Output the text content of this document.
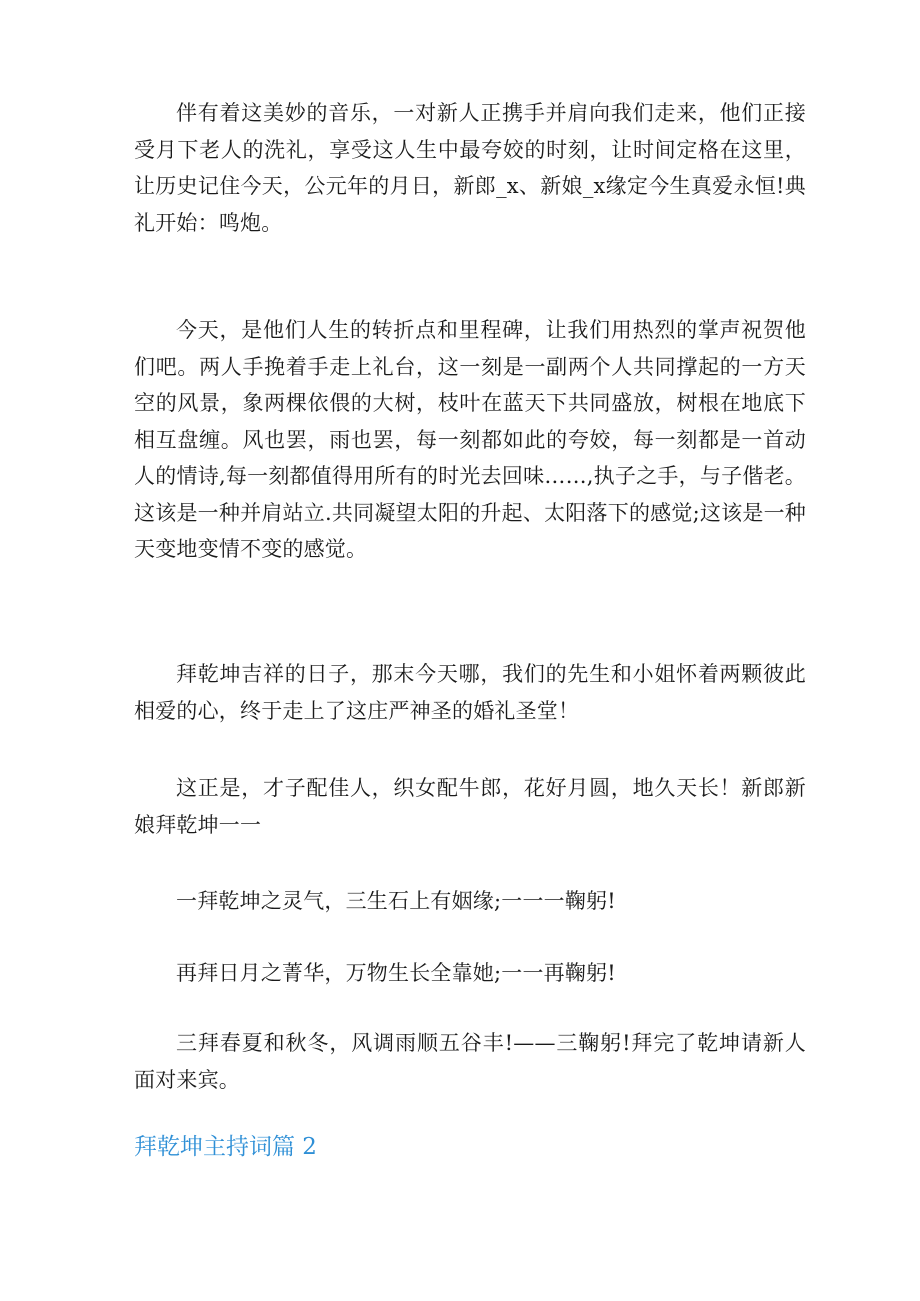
伴有着这美妙的音乐，一对新人正携手并肩向我们走来，他们正接受月下老人的洗礼，享受这人生中最夸姣的时刻，让时间定格在这里，让历史记住今天，公元年的月日，新郎_x、新娘_x缘定今生真爱永恒!典礼开始：鸣炮。

今天，是他们人生的转折点和里程碑，让我们用热烈的掌声祝贺他们吧。两人手挽着手走上礼台，这一刻是一副两个人共同撑起的一方天空的风景，象两棵依偎的大树，枝叶在蓝天下共同盛放，树根在地底下相互盘缠。风也罢，雨也罢，每一刻都如此的夸姣，每一刻都是一首动人的情诗,每一刻都值得用所有的时光去回味……,执子之手，与子偕老。这该是一种并肩站立.共同凝望太阳的升起、太阳落下的感觉;这该是一种天变地变情不变的感觉。

拜乾坤吉祥的日子，那末今天哪，我们的先生和小姐怀着两颗彼此相爱的心，终于走上了这庄严神圣的婚礼圣堂！

这正是，才子配佳人，织女配牛郎，花好月圆，地久天长！新郎新娘拜乾坤一一

一拜乾坤之灵气，三生石上有姻缘;一一一鞠躬!

再拜日月之菁华，万物生长全靠她;一一再鞠躬!

三拜春夏和秋冬，风调雨顺五谷丰!——三鞠躬!拜完了乾坤请新人面对来宾。

拜乾坤主持词篇 2
